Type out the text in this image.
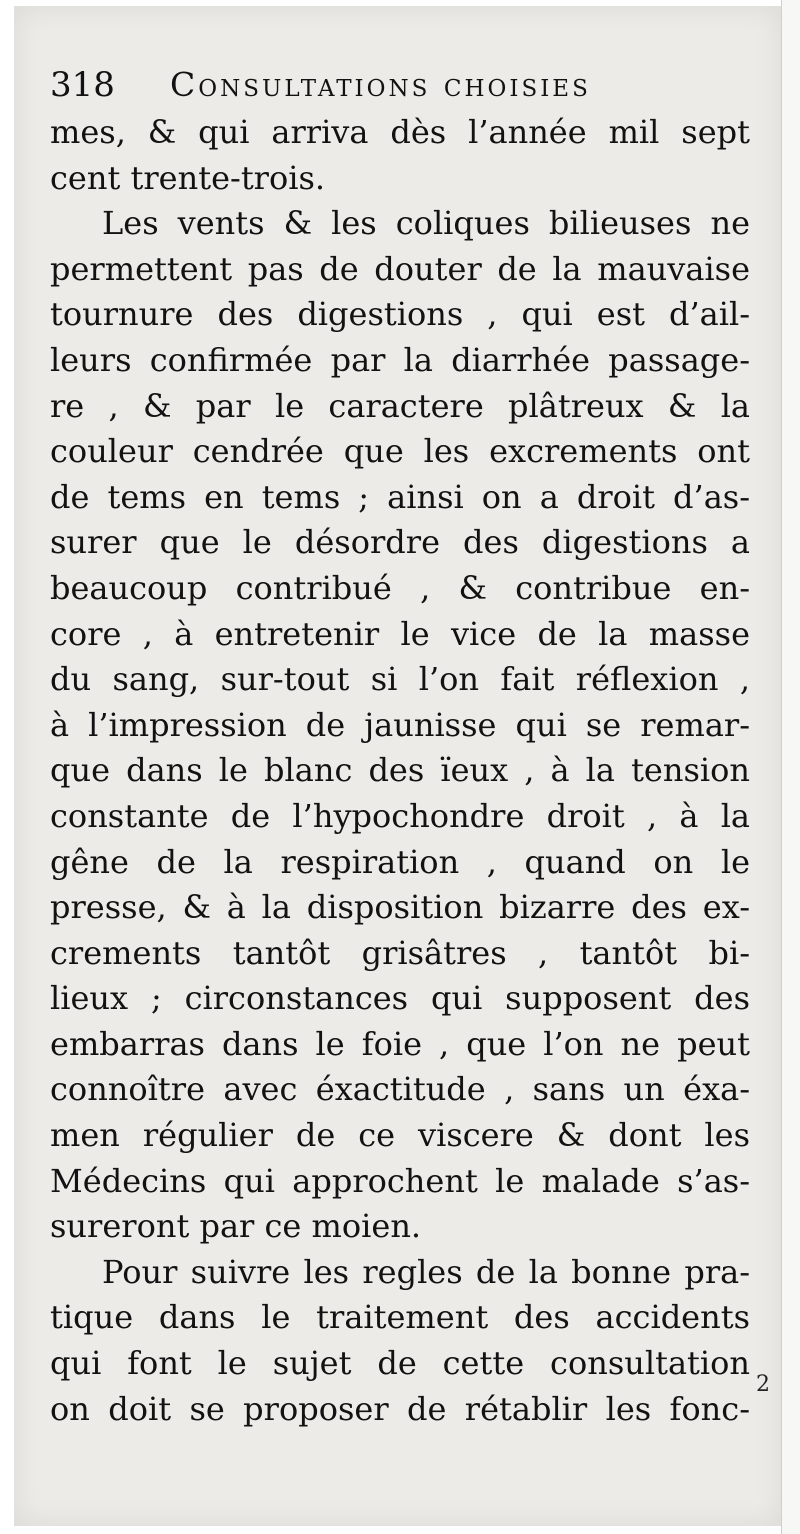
318	Consultations choisies
mes, & qui arriva dès l’année mil sept
cent trente-trois.
Les vents & les coliques bilieuses ne
permettent pas de douter de la mauvaise
tournure des digestions , qui est d’ail-
leurs confirmée par la diarrhée passage-
re , & par le caractere plâtreux & la
couleur cendrée que les excrements ont
de tems en tems ; ainsi on a droit d’as-
surer que le désordre des digestions a
beaucoup contribué , & contribue en-
core , à entretenir le vice de la masse
du sang, sur-tout si l’on fait réflexion ,
à l’impression de jaunisse qui se remar-
que dans le blanc des ïeux , à la tension
constante de l’hypochondre droit , à la
gêne de la respiration , quand on le
presse, & à la disposition bizarre des ex-
crements tantôt grisâtres , tantôt bi-
lieux ; circonstances qui supposent des
embarras dans le foie , que l’on ne peut
connoître avec éxactitude , sans un éxa-
men régulier de ce viscere & dont les
Médecins qui approchent le malade s’as-
sureront par ce moien.
Pour suivre les regles de la bonne pra-
tique dans le traitement des accidents
qui font le sujet de cette consultation
on doit se proposer de rétablir les fonc-
2
